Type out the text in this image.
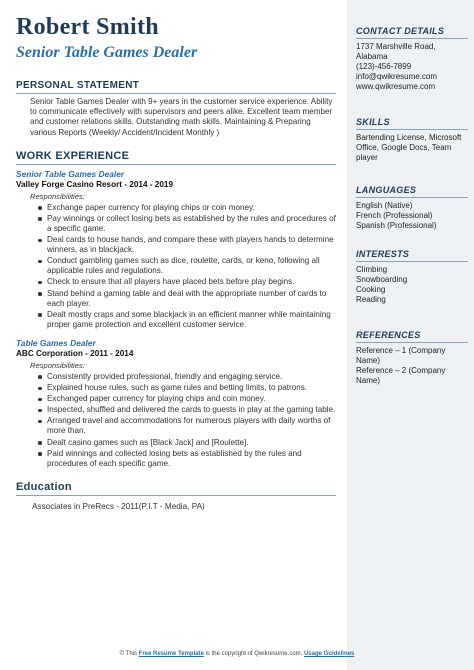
Robert Smith
Senior Table Games Dealer
PERSONAL STATEMENT
Senior Table Games Dealer with 9+ years in the customer service experience. Ability to communicate effectively with supervisors and peers alike. Excellent team member and customer relations skills. Outstanding math skills. Maintaining & Preparing various Reports (Weekly/ Accident/Incident Monthly )
WORK EXPERIENCE
Senior Table Games Dealer
Valley Forge Casino Resort - 2014 - 2019
Responsibilities:
Exchange paper currency for playing chips or coin money.
Pay winnings or collect losing bets as established by the rules and procedures of a specific game.
Deal cards to house hands, and compare these with players hands to determine winners, as in blackjack.
Conduct gambling games such as dice, roulette, cards, or keno, following all applicable rules and regulations.
Check to ensure that all players have placed bets before play begins.
Stand behind a gaming table and deal with the appropriate number of cards to each player.
Dealt mostly craps and some blackjack in an efficient manner while maintaining proper game protection and excellent customer service.
Table Games Dealer
ABC Corporation - 2011 - 2014
Responsibilities:
Consistently provided professional, friendly and engaging service.
Explained house rules, such as game rules and betting limits, to patrons.
Exchanged paper currency for playing chips and coin money.
Inspected, shuffled and delivered the cards to guests in play at the gaming table.
Arranged travel and accommodations for numerous players with daily worths of more than.
Dealt casino games such as [Black Jack] and [Roulette].
Paid winnings and collected losing bets as established by the rules and procedures of each specific game.
Education
Associates in PreRecs - 2011(P.I.T - Media, PA)
CONTACT DETAILS
1737 Marshville Road, Alabama
(123)-456-7899
info@qwikresume.com
www.qwikresume.com
SKILLS
Bartending License, Microsoft Office, Google Docs, Team player
LANGUAGES
English (Native)
French (Professional)
Spanish (Professional)
INTERESTS
Climbing
Snowboarding
Cooking
Reading
REFERENCES
Reference – 1 (Company Name)
Reference – 2 (Company Name)
© This Free Resume Template is the copyright of Qwikresume.com. Usage Guidelines
